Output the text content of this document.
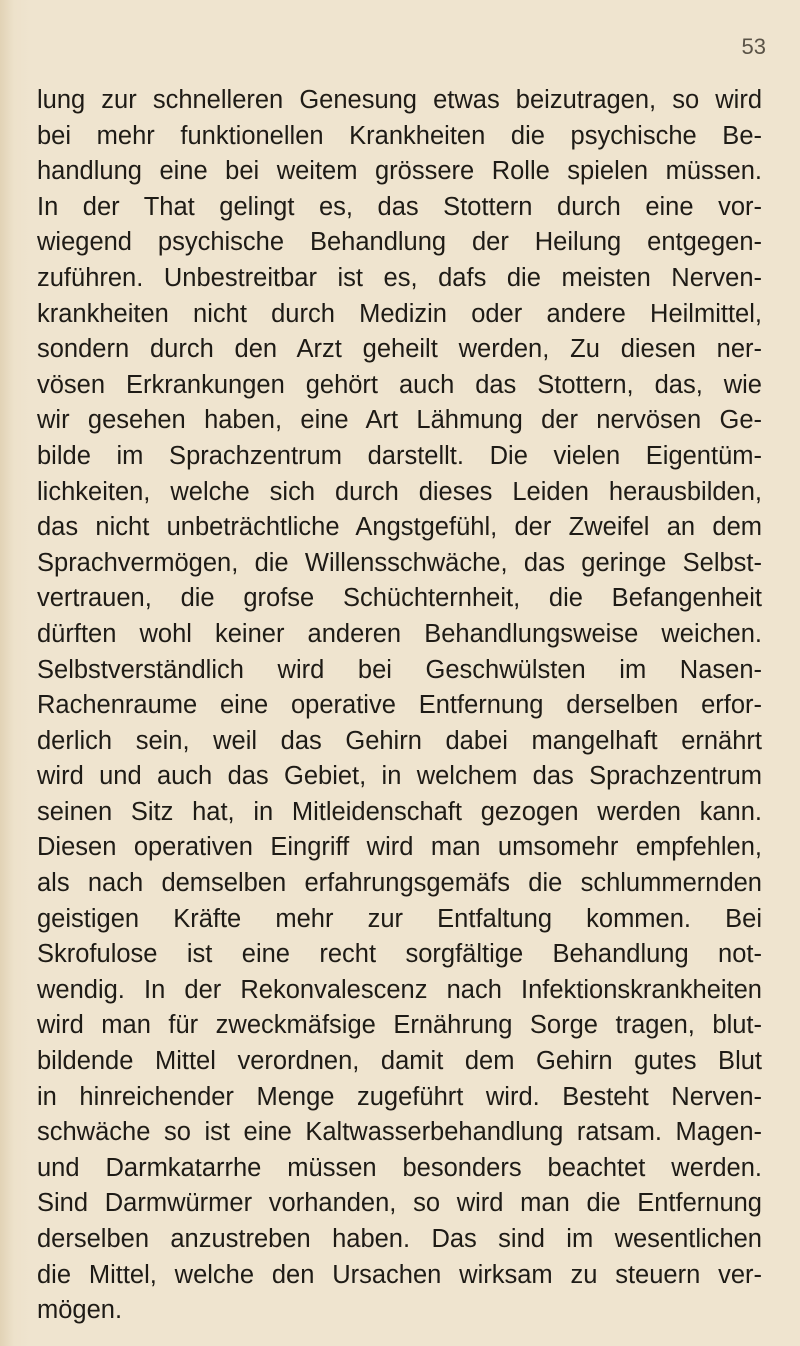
53
lung zur schnelleren Genesung etwas beizutragen, so wird
bei mehr funktionellen Krankheiten die psychische Be-
handlung eine bei weitem grössere Rolle spielen müssen.
In der That gelingt es, das Stottern durch eine vor-
wiegend psychische Behandlung der Heilung entgegen-
zuführen. Unbestreitbar ist es, dafs die meisten Nerven-
krankheiten nicht durch Medizin oder andere Heilmittel,
sondern durch den Arzt geheilt werden, Zu diesen ner-
vösen Erkrankungen gehört auch das Stottern, das, wie
wir gesehen haben, eine Art Lähmung der nervösen Ge-
bilde im Sprachzentrum darstellt. Die vielen Eigentüm-
lichkeiten, welche sich durch dieses Leiden herausbilden,
das nicht unbeträchtliche Angstgefühl, der Zweifel an dem
Sprachvermögen, die Willensschwäche, das geringe Selbst-
vertrauen, die grofse Schüchternheit, die Befangenheit
dürften wohl keiner anderen Behandlungsweise weichen.
Selbstverständlich wird bei Geschwülsten im Nasen-
Rachenraume eine operative Entfernung derselben erfor-
derlich sein, weil das Gehirn dabei mangelhaft ernährt
wird und auch das Gebiet, in welchem das Sprachzentrum
seinen Sitz hat, in Mitleidenschaft gezogen werden kann.
Diesen operativen Eingriff wird man umsomehr empfehlen,
als nach demselben erfahrungsgemäfs die schlummernden
geistigen Kräfte mehr zur Entfaltung kommen. Bei
Skrofulose ist eine recht sorgfältige Behandlung not-
wendig. In der Rekonvalescenz nach Infektionskrankheiten
wird man für zweckmäfsige Ernährung Sorge tragen, blut-
bildende Mittel verordnen, damit dem Gehirn gutes Blut
in hinreichender Menge zugeführt wird. Besteht Nerven-
schwäche so ist eine Kaltwasserbehandlung ratsam. Magen-
und Darmkatarrhe müssen besonders beachtet werden.
Sind Darmwürmer vorhanden, so wird man die Entfernung
derselben anzustreben haben. Das sind im wesentlichen
die Mittel, welche den Ursachen wirksam zu steuern ver-
mögen.
